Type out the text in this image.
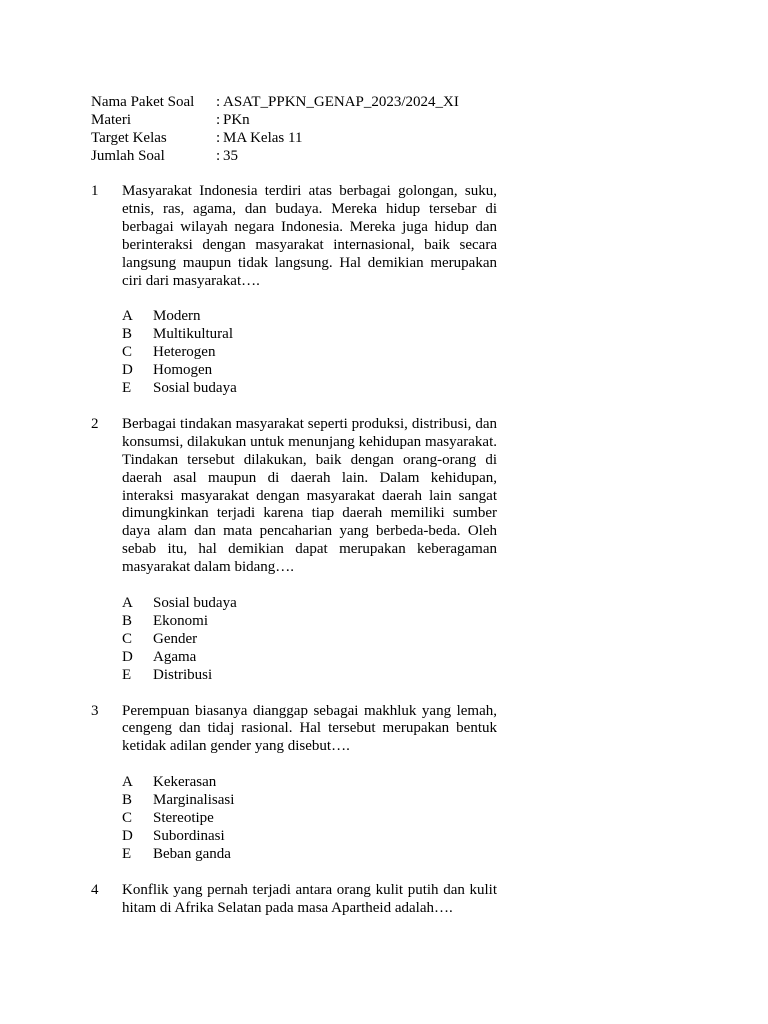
Nama Paket Soal	: ASAT_PPKN_GENAP_2023/2024_XI
Materi	: PKn
Target Kelas	: MA Kelas 11
Jumlah Soal	: 35
1	Masyarakat Indonesia terdiri atas berbagai golongan, suku, etnis, ras, agama, dan budaya. Mereka hidup tersebar di berbagai wilayah negara Indonesia. Mereka juga hidup dan berinteraksi dengan masyarakat internasional, baik secara langsung maupun tidak langsung. Hal demikian merupakan ciri dari masyarakat….

A	Modern
B	Multikultural
C	Heterogen
D	Homogen
E	Sosial budaya
2	Berbagai tindakan masyarakat seperti produksi, distribusi, dan konsumsi, dilakukan untuk menunjang kehidupan masyarakat. Tindakan tersebut dilakukan, baik dengan orang-orang di daerah asal maupun di daerah lain. Dalam kehidupan, interaksi masyarakat dengan masyarakat daerah lain sangat dimungkinkan terjadi karena tiap daerah memiliki sumber daya alam dan mata pencaharian yang berbeda-beda. Oleh sebab itu, hal demikian dapat merupakan keberagaman masyarakat dalam bidang….

A	Sosial budaya
B	Ekonomi
C	Gender
D	Agama
E	Distribusi
3	Perempuan biasanya dianggap sebagai makhluk yang lemah, cengeng dan tidaj rasional. Hal tersebut merupakan bentuk ketidak adilan gender yang disebut….

A	Kekerasan
B	Marginalisasi
C	Stereotipe
D	Subordinasi
E	Beban ganda
4	Konflik yang pernah terjadi antara orang kulit putih dan kulit hitam di Afrika Selatan pada masa Apartheid adalah….
